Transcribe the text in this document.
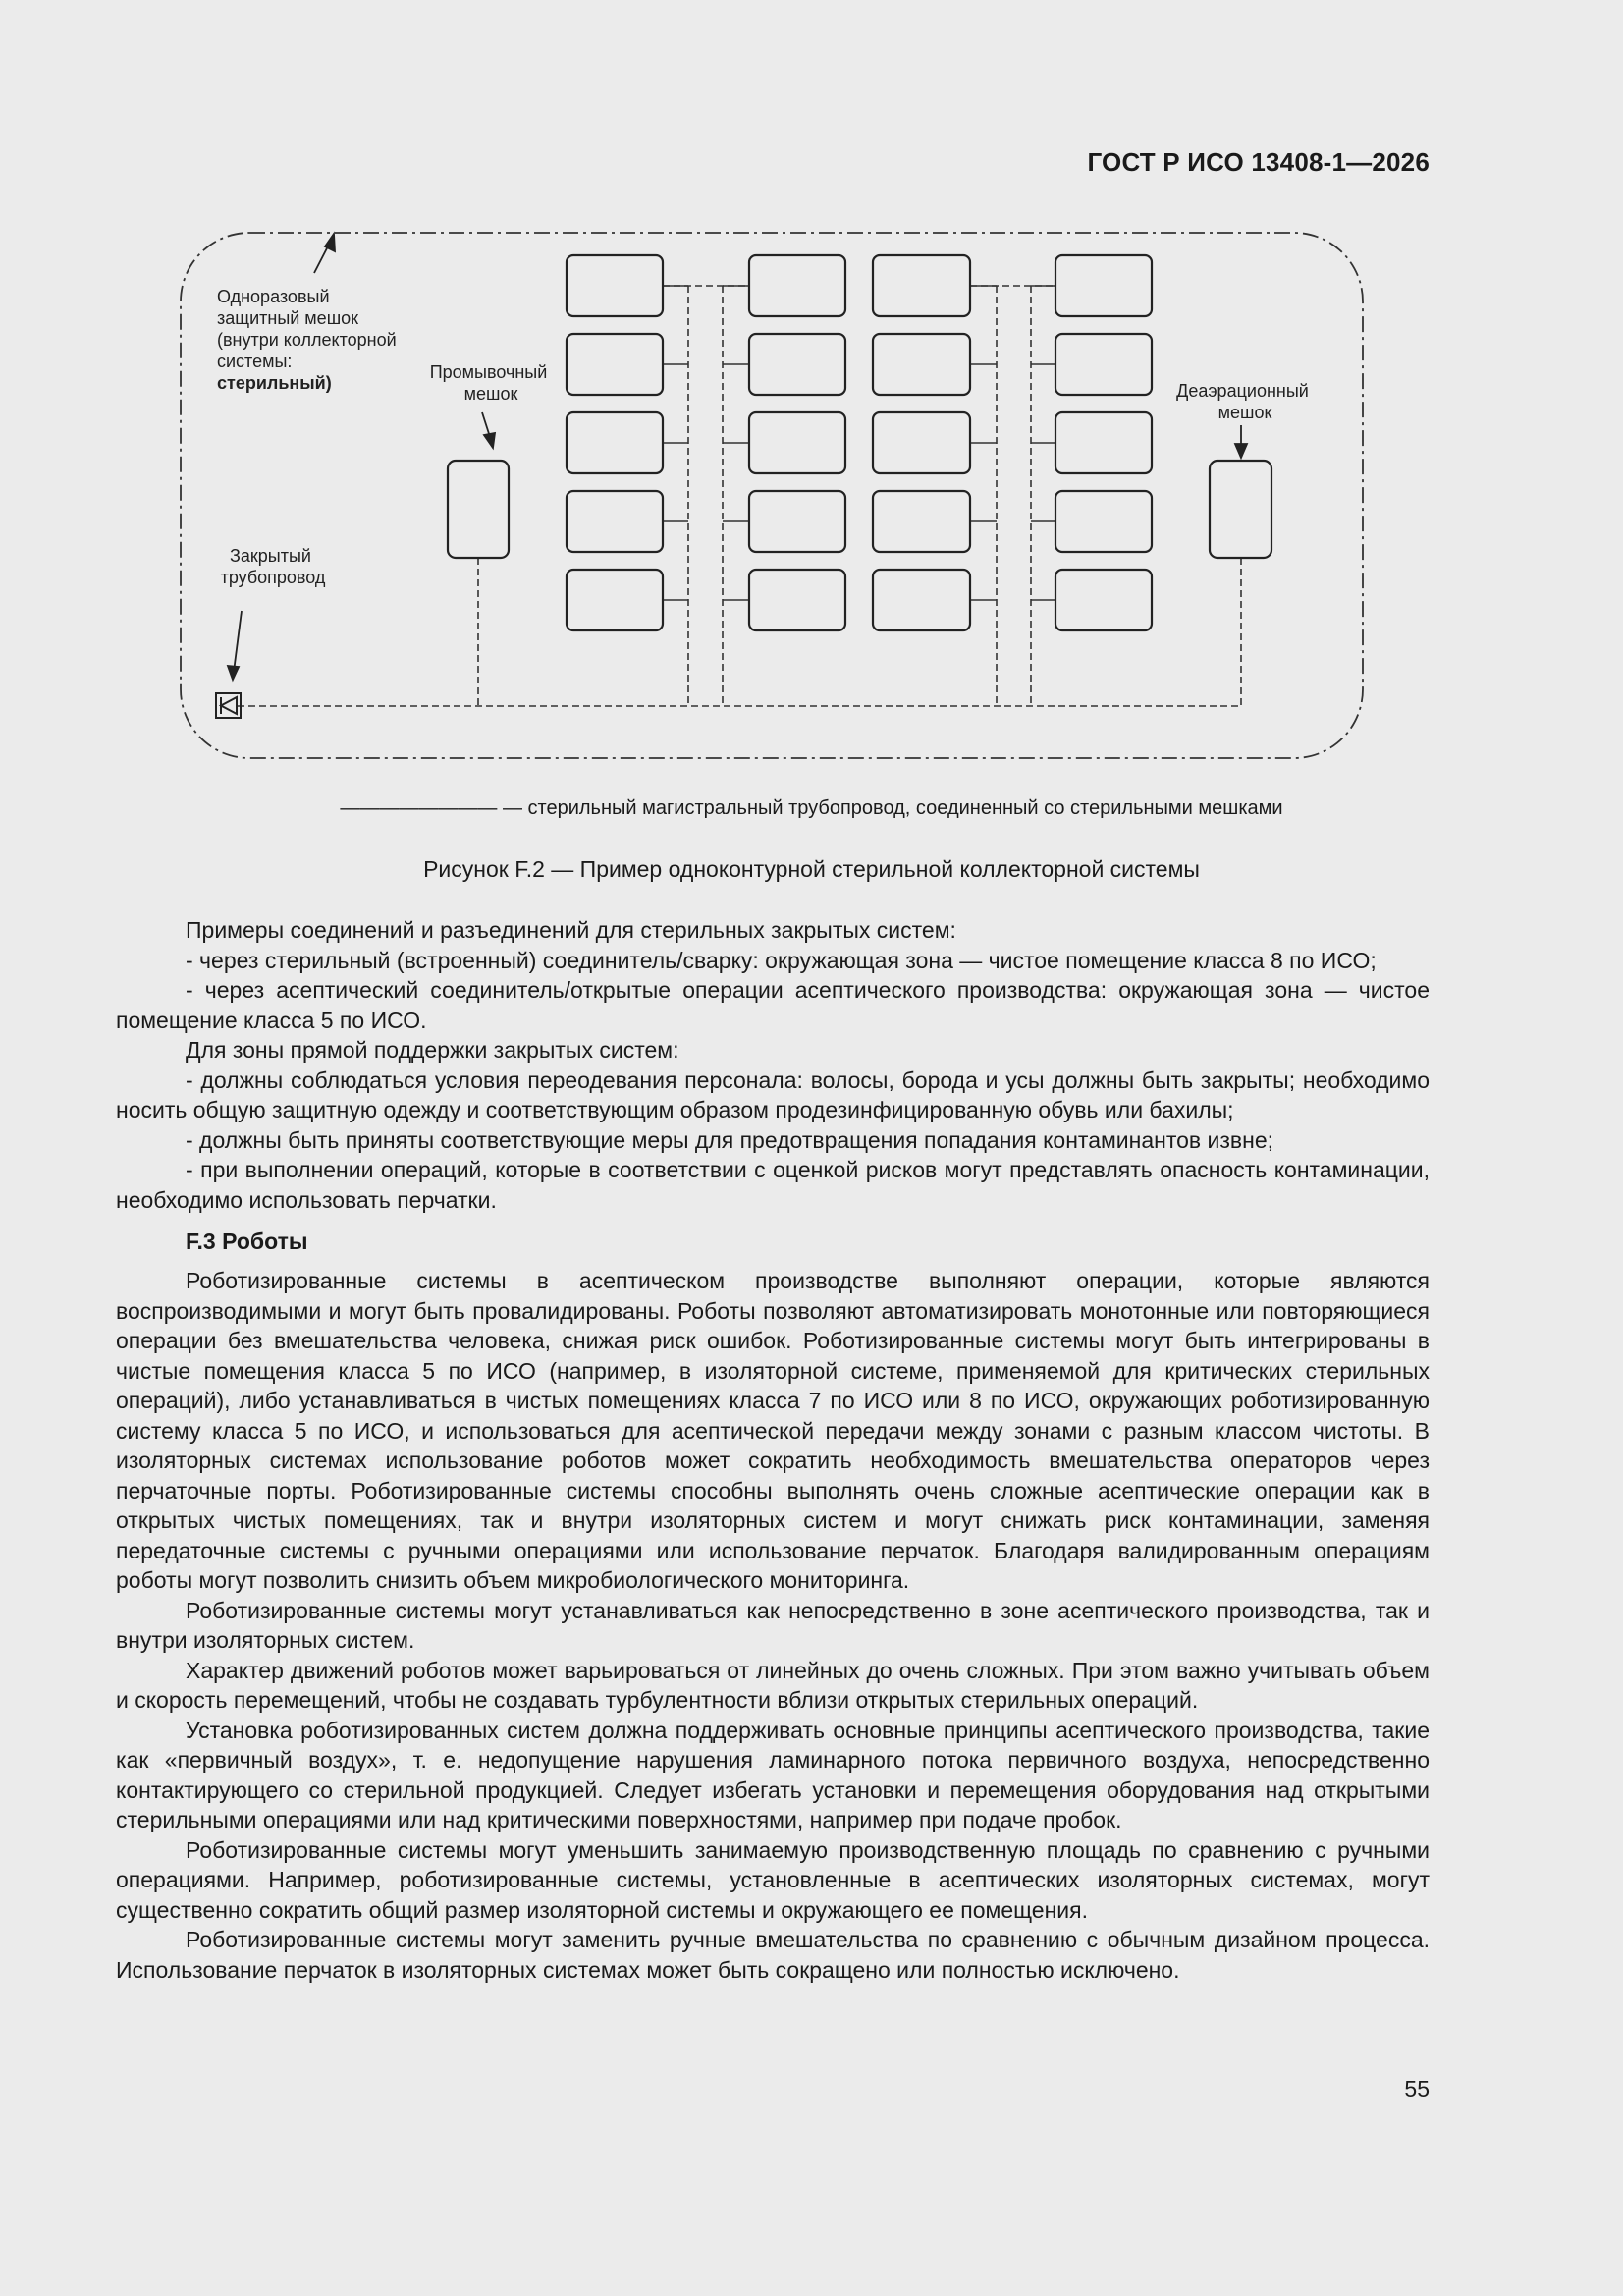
ГОСТ Р ИСО 13408-1—2026
Одноразовый защитный мешок (внутри коллекторной системы: стерильный)
Промывочный мешок	Деаэрационный мешок
Закрытый трубопровод
———————— — стерильный магистральный трубопровод, соединенный со стерильными мешками
Рисунок F.2 — Пример одноконтурной стерильной коллекторной системы

Примеры соединений и разъединений для стерильных закрытых систем:

- через стерильный (встроенный) соединитель/сварку: окружающая зона — чистое помещение класса 8 по ИСО;

- через асептический соединитель/открытые операции асептического производства: окружающая зона — чистое помещение класса 5 по ИСО.

Для зоны прямой поддержки закрытых систем:

- должны соблюдаться условия переодевания персонала: волосы, борода и усы должны быть закрыты; необходимо носить общую защитную одежду и соответствующим образом продезинфицированную обувь или бахилы;

- должны быть приняты соответствующие меры для предотвращения попадания контаминантов извне;

- при выполнении операций, которые в соответствии с оценкой рисков могут представлять опасность контаминации, необходимо использовать перчатки.

F.3 Роботы

Роботизированные системы в асептическом производстве выполняют операции, которые являются воспроизводимыми и могут быть провалидированы. Роботы позволяют автоматизировать монотонные или повторяющиеся операции без вмешательства человека, снижая риск ошибок. Роботизированные системы могут быть интегрированы в чистые помещения класса 5 по ИСО (например, в изоляторной системе, применяемой для критических стерильных операций), либо устанавливаться в чистых помещениях класса 7 по ИСО или 8 по ИСО, окружающих роботизированную систему класса 5 по ИСО, и использоваться для асептической передачи между зонами с разным классом чистоты. В изоляторных системах использование роботов может сократить необходимость вмешательства операторов через перчаточные порты. Роботизированные системы способны выполнять очень сложные асептические операции как в открытых чистых помещениях, так и внутри изоляторных систем и могут снижать риск контаминации, заменяя передаточные системы с ручными операциями или использование перчаток. Благодаря валидированным операциям роботы могут позволить снизить объем микробиологического мониторинга.

Роботизированные системы могут устанавливаться как непосредственно в зоне асептического производства, так и внутри изоляторных систем.

Характер движений роботов может варьироваться от линейных до очень сложных. При этом важно учитывать объем и скорость перемещений, чтобы не создавать турбулентности вблизи открытых стерильных операций.

Установка роботизированных систем должна поддерживать основные принципы асептического производства, такие как «первичный воздух», т. е. недопущение нарушения ламинарного потока первичного воздуха, непосредственно контактирующего со стерильной продукцией. Следует избегать установки и перемещения оборудования над открытыми стерильными операциями или над критическими поверхностями, например при подаче пробок.

Роботизированные системы могут уменьшить занимаемую производственную площадь по сравнению с ручными операциями. Например, роботизированные системы, установленные в асептических изоляторных системах, могут существенно сократить общий размер изоляторной системы и окружающего ее помещения.

Роботизированные системы могут заменить ручные вмешательства по сравнению с обычным дизайном процесса. Использование перчаток в изоляторных системах может быть сокращено или полностью исключено.

55
